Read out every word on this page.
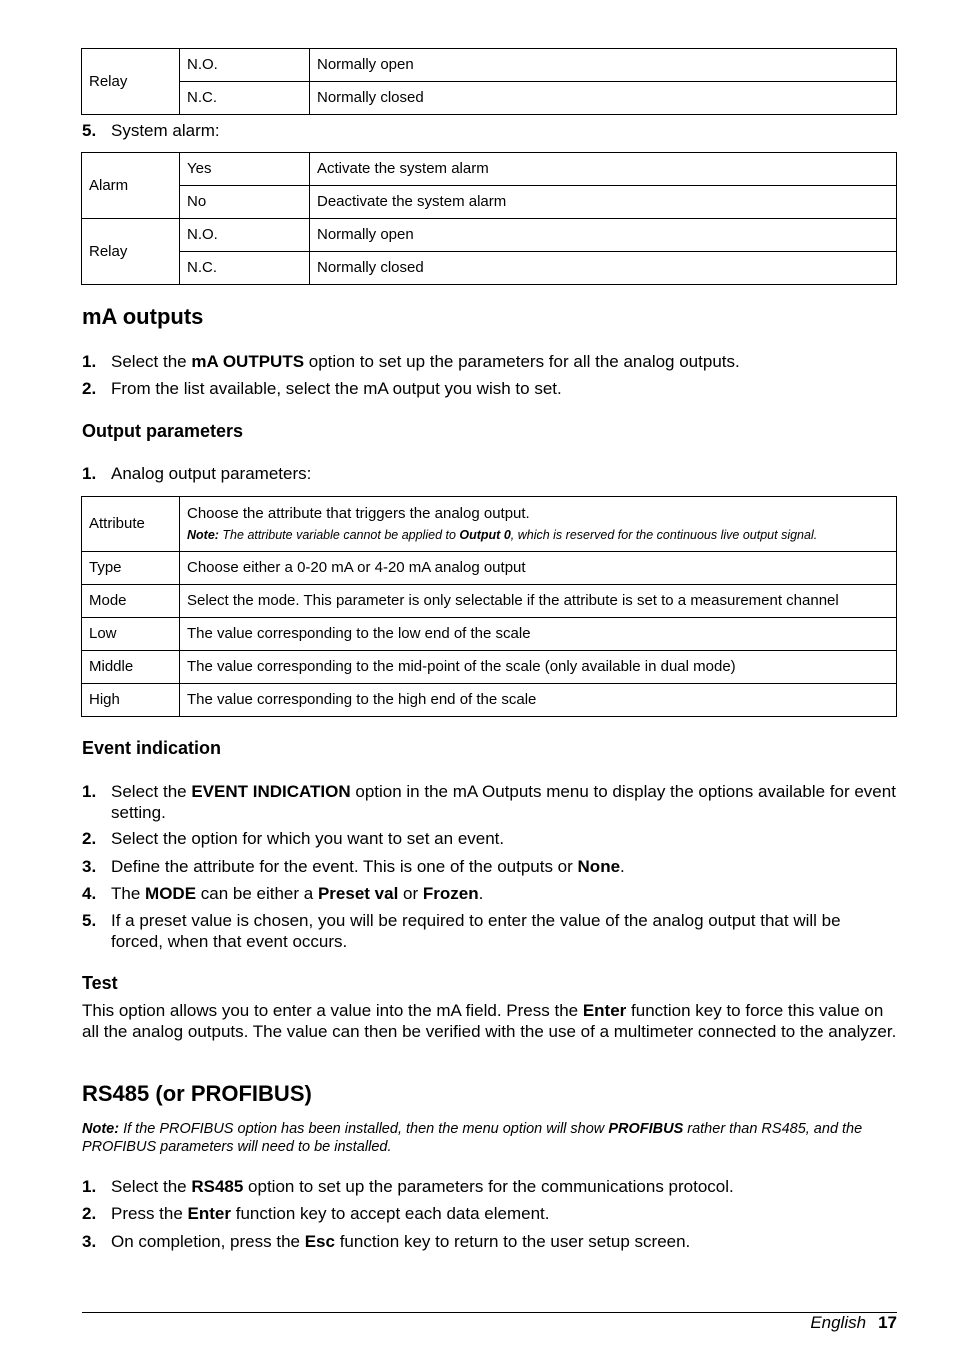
Relay	N.O.	Normally open
	N.C.	Normally closed
5. System alarm:
Alarm	Yes	Activate the system alarm
	No	Deactivate the system alarm
Relay	N.O.	Normally open
	N.C.	Normally closed
mA outputs
1. Select the mA OUTPUTS option to set up the parameters for all the analog outputs.
2. From the list available, select the mA output you wish to set.
Output parameters
1. Analog output parameters:
Attribute	Choose the attribute that triggers the analog output.
Note: The attribute variable cannot be applied to Output 0, which is reserved for the continuous live output signal.

Type	Choose either a 0-20 mA or 4-20 mA analog output
Mode	Select the mode. This parameter is only selectable if the attribute is set to a measurement channel
Low	The value corresponding to the low end of the scale
Middle	The value corresponding to the mid-point of the scale (only available in dual mode)
High	The value corresponding to the high end of the scale
Event indication
1. Select the EVENT INDICATION option in the mA Outputs menu to display the options available for event setting.
2. Select the option for which you want to set an event.
3. Define the attribute for the event. This is one of the outputs or None.
4. The MODE can be either a Preset val or Frozen.
5. If a preset value is chosen, you will be required to enter the value of the analog output that will be forced, when that event occurs.
Test
This option allows you to enter a value into the mA field. Press the Enter function key to force this value on all the analog outputs. The value can then be verified with the use of a multimeter connected to the analyzer.
RS485 (or PROFIBUS)
Note: If the PROFIBUS option has been installed, then the menu option will show PROFIBUS rather than RS485, and the PROFIBUS parameters will need to be installed.
1. Select the RS485 option to set up the parameters for the communications protocol.
2. Press the Enter function key to accept each data element.
3. On completion, press the Esc function key to return to the user setup screen.
English 17
